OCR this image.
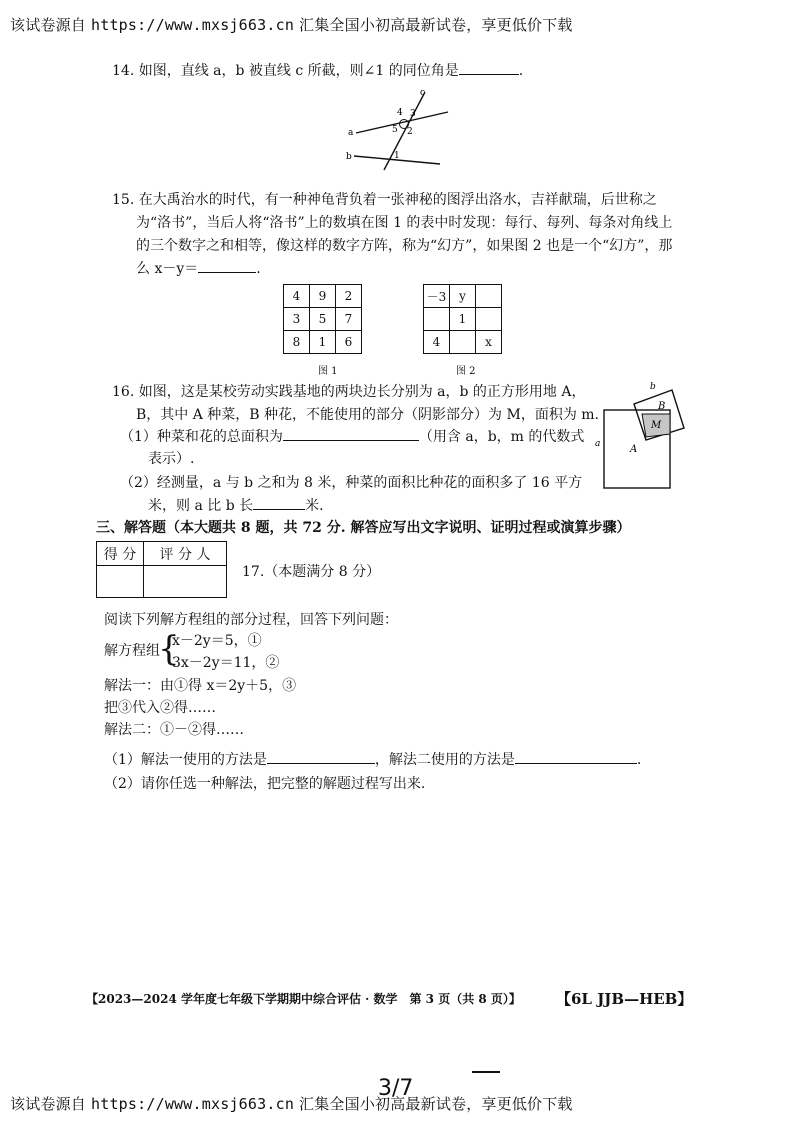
该试卷源自 https://www.mxsj663.cn 汇集全国小初高最新试卷，享更低价下载
14. 如图，直线 a，b 被直线 c 所截，则∠1 的同位角是	.
c
a
b
4 3
5 2
1
15. 在大禹治水的时代，有一种神龟背负着一张神秘的图浮出洛水，吉祥献瑞，后世称之
为“洛书”，当后人将“洛书”上的数填在图 1 的表中时发现：每行、每列、每条对角线上
的三个数字之和相等，像这样的数字方阵，称为“幻方”，如果图 2 也是一个“幻方”，那
么 x－y＝	.
4	9	2
3	5	7
8	1	6
图 1
－3	y	
	1	
4		x
图 2
16. 如图，这是某校劳动实践基地的两块边长分别为 a，b 的正方形用地 A，
B，其中 A 种菜，B 种花，不能使用的部分（阴影部分）为 M，面积为 m.
（1）种菜和花的总面积为	（用含 a，b，m 的代数式
表示）.
（2）经测量，a 与 b 之和为 8 米，种菜的面积比种花的面积多了 16 平方
米，则 a 比 b 长	米.
b
B
M
a	A
三、解答题（本大题共 8 题，共 72 分. 解答应写出文字说明、证明过程或演算步骤）
得 分	评 分 人

17.（本题满分 8 分）
阅读下列解方程组的部分过程，回答下列问题：
解方程组
{
x－2y＝5，①
3x－2y＝11，②
解法一：由①得 x＝2y＋5，③
把③代入②得……
解法二：①－②得……
（1）解法一使用的方法是	，解法二使用的方法是	.
（2）请你任选一种解法，把完整的解题过程写出来.
【2023—2024 学年度七年级下学期期中综合评估 · 数学　第 3 页（共 8 页）】 【6L JJB—HEB】
3/7
该试卷源自 https://www.mxsj663.cn 汇集全国小初高最新试卷，享更低价下载
